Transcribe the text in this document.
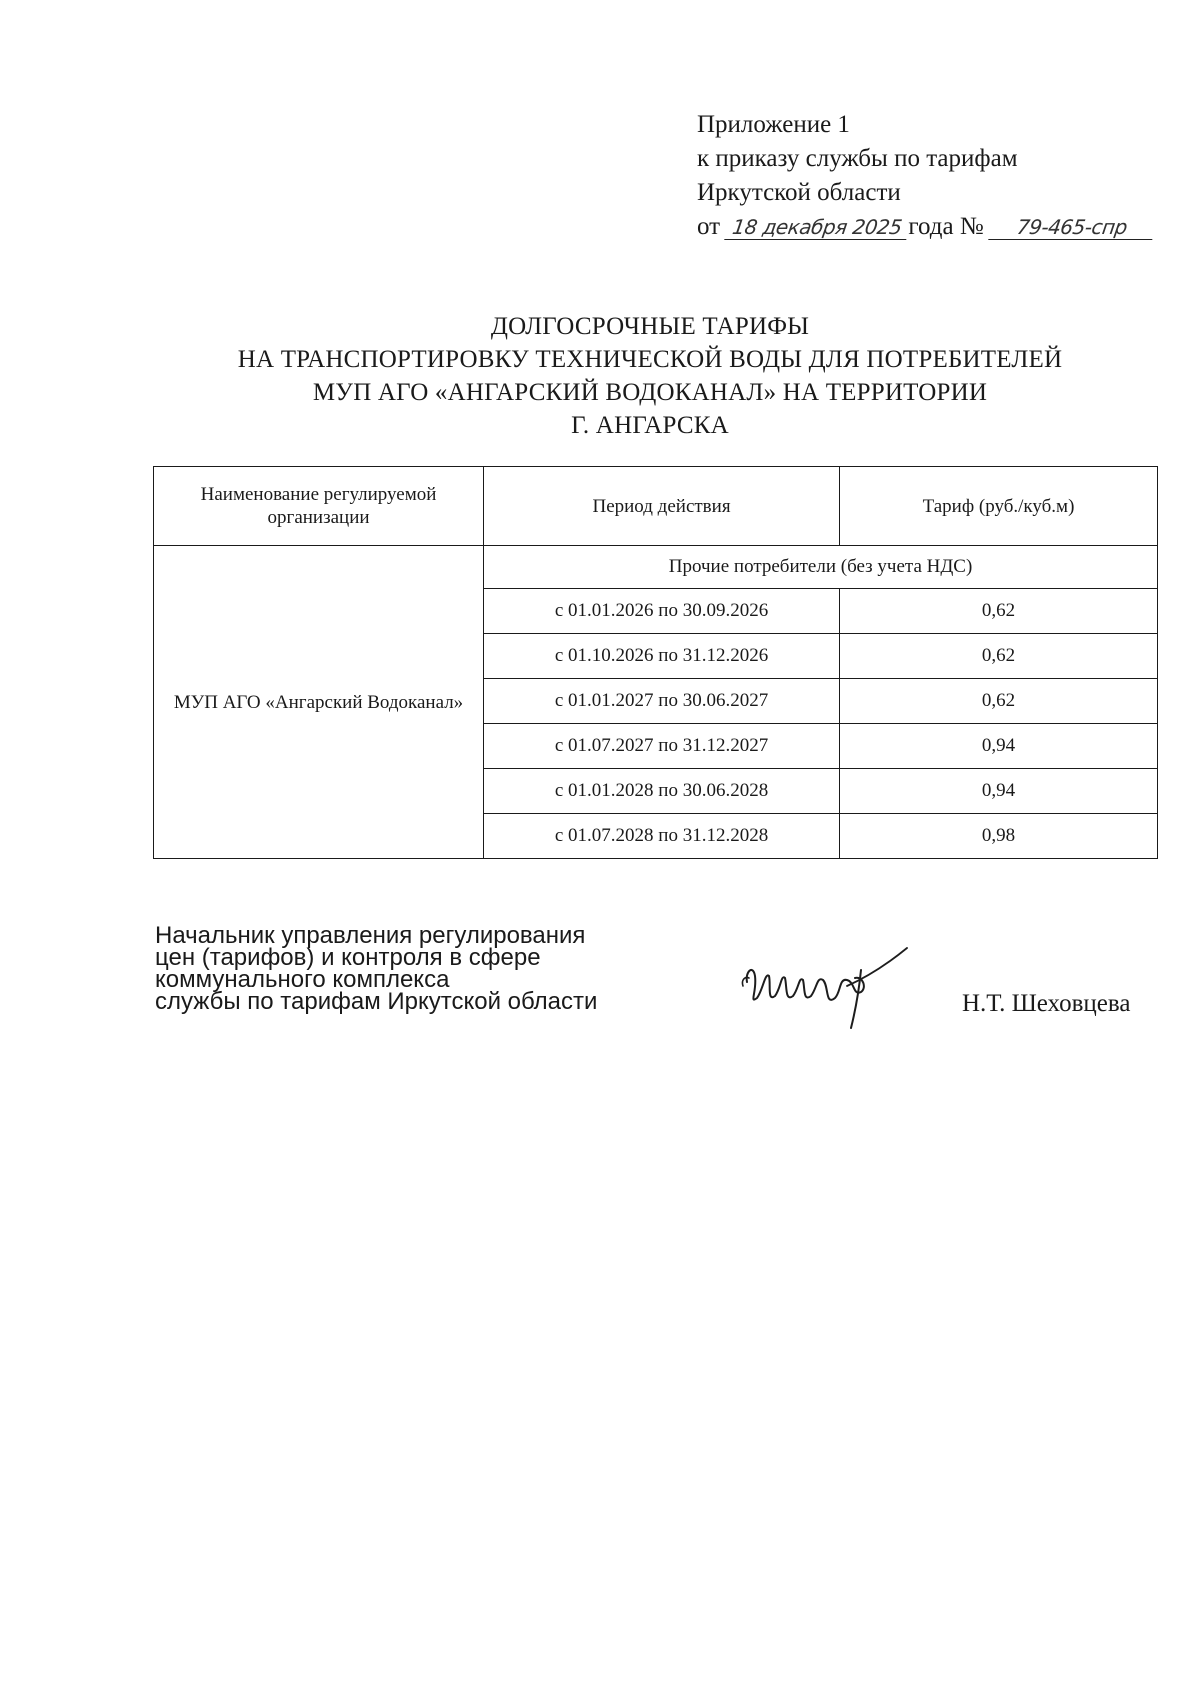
Приложение 1
к приказу службы по тарифам
Иркутской области
от 18 декабря 2025 года № 79-465-спр
ДОЛГОСРОЧНЫЕ ТАРИФЫ
НА ТРАНСПОРТИРОВКУ ТЕХНИЧЕСКОЙ ВОДЫ ДЛЯ ПОТРЕБИТЕЛЕЙ
МУП АГО «АНГАРСКИЙ ВОДОКАНАЛ» НА ТЕРРИТОРИИ
Г. АНГАРСКА
Наименование регулируемой организации	Период действия	Тариф (руб./куб.м)
МУП АГО «Ангарский Водоканал»	Прочие потребители (без учета НДС)	
	с 01.01.2026 по 30.09.2026	0,62
	с 01.10.2026 по 31.12.2026	0,62
	с 01.01.2027 по 30.06.2027	0,62
	с 01.07.2027 по 31.12.2027	0,94
	с 01.01.2028 по 30.06.2028	0,94
	с 01.07.2028 по 31.12.2028	0,98
Начальник управления регулирования
цен (тарифов) и контроля в сфере
коммунального комплекса
службы по тарифам Иркутской области	Н.Т. Шеховцева
